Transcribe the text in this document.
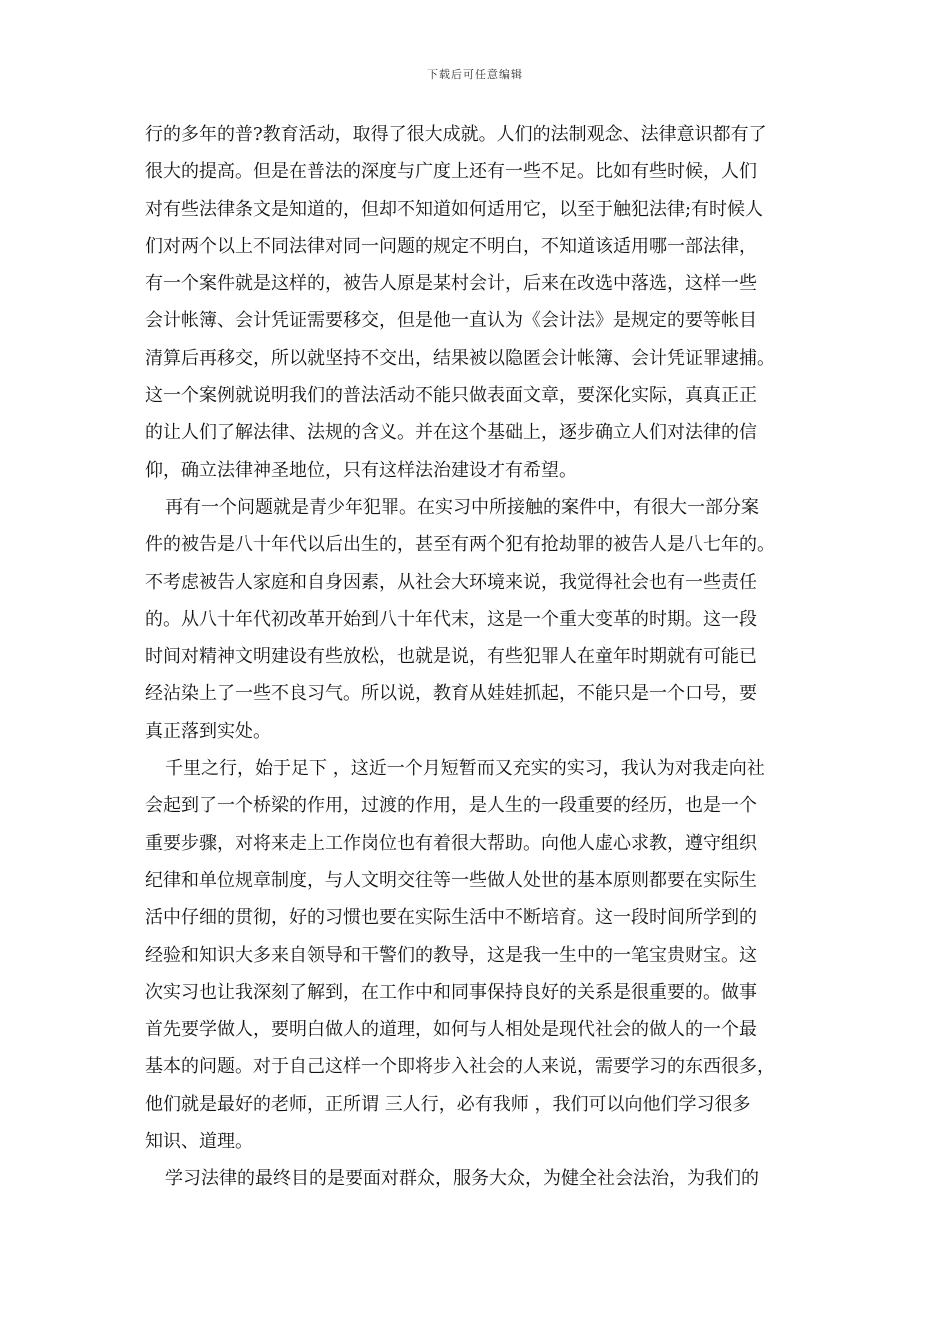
下载后可任意编辑
行的多年的普?教育活动，取得了很大成就。人们的法制观念、法律意识都有了
很大的提高。但是在普法的深度与广度上还有一些不足。比如有些时候，人们
对有些法律条文是知道的，但却不知道如何适用它，以至于触犯法律;有时候人
们对两个以上不同法律对同一问题的规定不明白，不知道该适用哪一部法律，
有一个案件就是这样的，被告人原是某村会计，后来在改选中落选，这样一些
会计帐簿、会计凭证需要移交，但是他一直认为《会计法》是规定的要等帐目
清算后再移交，所以就坚持不交出，结果被以隐匿会计帐簿、会计凭证罪逮捕。
这一个案例就说明我们的普法活动不能只做表面文章，要深化实际，真真正正
的让人们了解法律、法规的含义。并在这个基础上，逐步确立人们对法律的信
仰，确立法律神圣地位，只有这样法治建设才有希望。
再有一个问题就是青少年犯罪。在实习中所接触的案件中，有很大一部分案
件的被告是八十年代以后出生的，甚至有两个犯有抢劫罪的被告人是八七年的。
不考虑被告人家庭和自身因素，从社会大环境来说，我觉得社会也有一些责任
的。从八十年代初改革开始到八十年代末，这是一个重大变革的时期。这一段
时间对精神文明建设有些放松，也就是说，有些犯罪人在童年时期就有可能已
经沾染上了一些不良习气。所以说，教育从娃娃抓起，不能只是一个口号，要
真正落到实处。
千里之行，始于足下 ，这近一个月短暂而又充实的实习，我认为对我走向社
会起到了一个桥梁的作用，过渡的作用，是人生的一段重要的经历，也是一个
重要步骤，对将来走上工作岗位也有着很大帮助。向他人虚心求教，遵守组织
纪律和单位规章制度，与人文明交往等一些做人处世的基本原则都要在实际生
活中仔细的贯彻，好的习惯也要在实际生活中不断培育。这一段时间所学到的
经验和知识大多来自领导和干警们的教导，这是我一生中的一笔宝贵财宝。这
次实习也让我深刻了解到，在工作中和同事保持良好的关系是很重要的。做事
首先要学做人，要明白做人的道理，如何与人相处是现代社会的做人的一个最
基本的问题。对于自己这样一个即将步入社会的人来说，需要学习的东西很多，
他们就是最好的老师，正所谓 三人行，必有我师 ，我们可以向他们学习很多
知识、道理。
学习法律的最终目的是要面对群众，服务大众，为健全社会法治，为我们的
